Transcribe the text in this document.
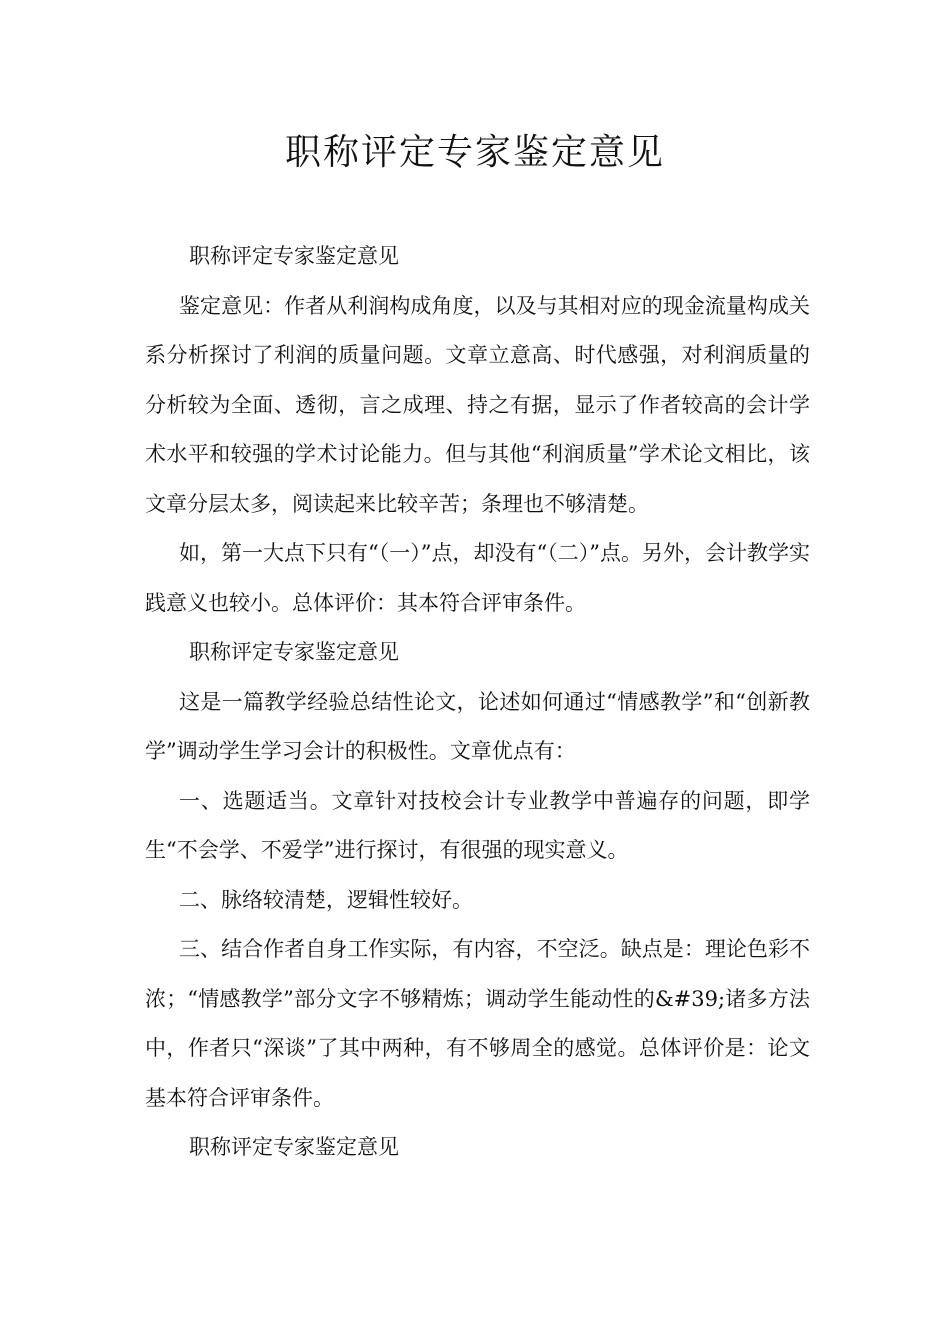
职称评定专家鉴定意见

职称评定专家鉴定意见

鉴定意见：作者从利润构成角度，以及与其相对应的现金流量构成关系分析探讨了利润的质量问题。文章立意高、时代感强，对利润质量的分析较为全面、透彻，言之成理、持之有据，显示了作者较高的会计学术水平和较强的学术讨论能力。但与其他“利润质量”学术论文相比，该文章分层太多，阅读起来比较辛苦；条理也不够清楚。

如，第一大点下只有“（一）”点，却没有“（二）”点。另外，会计教学实践意义也较小。总体评价：其本符合评审条件。

职称评定专家鉴定意见

这是一篇教学经验总结性论文，论述如何通过“情感教学”和“创新教学”调动学生学习会计的积极性。文章优点有：

一、选题适当。文章针对技校会计专业教学中普遍存的问题，即学生“不会学、不爱学”进行探讨，有很强的现实意义。

二、脉络较清楚，逻辑性较好。

三、结合作者自身工作实际，有内容，不空泛。缺点是：理论色彩不浓；“情感教学”部分文字不够精炼；调动学生能动性的&#39;诸多方法中，作者只“深谈”了其中两种，有不够周全的感觉。总体评价是：论文基本符合评审条件。

职称评定专家鉴定意见
